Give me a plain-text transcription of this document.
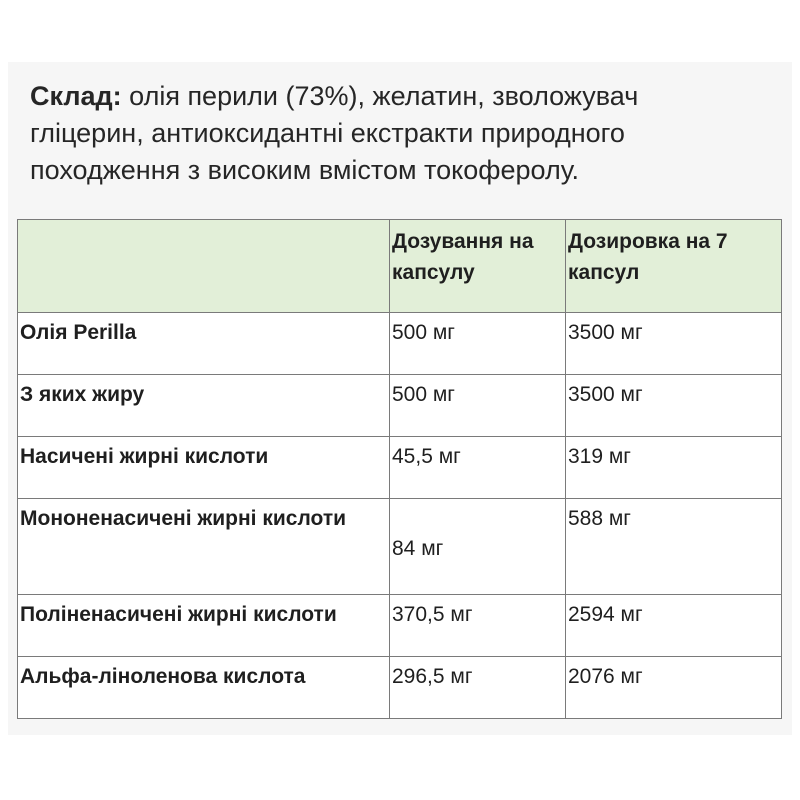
Склад: олія перили (73%), желатин, зволожувач гліцерин, антиоксидантні екстракти природного походження з високим вмістом токоферолу.
	Дозування на капсулу	Дозировка на 7 капсул
Олія Perilla	500 мг	3500 мг
З яких жиру	500 мг	3500 мг
Насичені жирні кислоти	45,5 мг	319 мг
Мононенасичені жирні кислоти	84 мг	588 мг
Поліненасичені жирні кислоти	370,5 мг	2594 мг
Альфа-ліноленова кислота	296,5 мг	2076 мг
